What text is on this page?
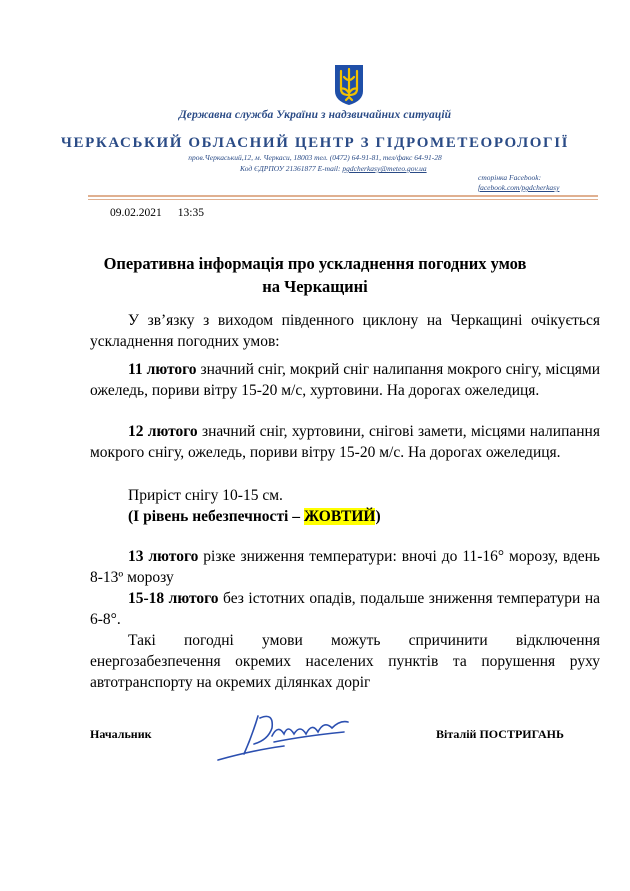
Державна служба України з надзвичайних ситуацій
ЧЕРКАСЬКИЙ ОБЛАСНИЙ ЦЕНТР З ГІДРОМЕТЕОРОЛОГІЇ
пров.Черкаський,12, м. Черкаси, 18003 тел. (0472) 64-91-81, тел/факс 64-91-28
Код ЄДРПОУ 21361877 E-mail: pgdcherkasy@meteo.gov.ua
сторінка Facebook:
facebook.com/pgdcherkasy
09.02.2021 13:35
Оперативна інформація про ускладнення погодних умов
на Черкащині
У зв’язку з виходом південного циклону на Черкащині очікується ускладнення погодних умов:
11 лютого значний сніг, мокрий сніг налипання мокрого снігу, місцями ожеледь, пориви вітру 15-20 м/с, хуртовини. На дорогах ожеледиця.
12 лютого значний сніг, хуртовини, снігові замети, місцями налипання мокрого снігу, ожеледь, пориви вітру 15-20 м/с. На дорогах ожеледиця.
Приріст снігу 10-15 см.
(І рівень небезпечності – ЖОВТИЙ)
13 лютого різке зниження температури: вночі до 11-16° морозу, вдень 8-13º морозу
15-18 лютого без істотних опадів, подальше зниження температури на 6-8°.
Такі погодні умови можуть спричинити відключення енергозабезпечення окремих населених пунктів та порушення руху автотранспорту на окремих ділянках доріг
Начальник	Віталій ПОСТРИГАНЬ
